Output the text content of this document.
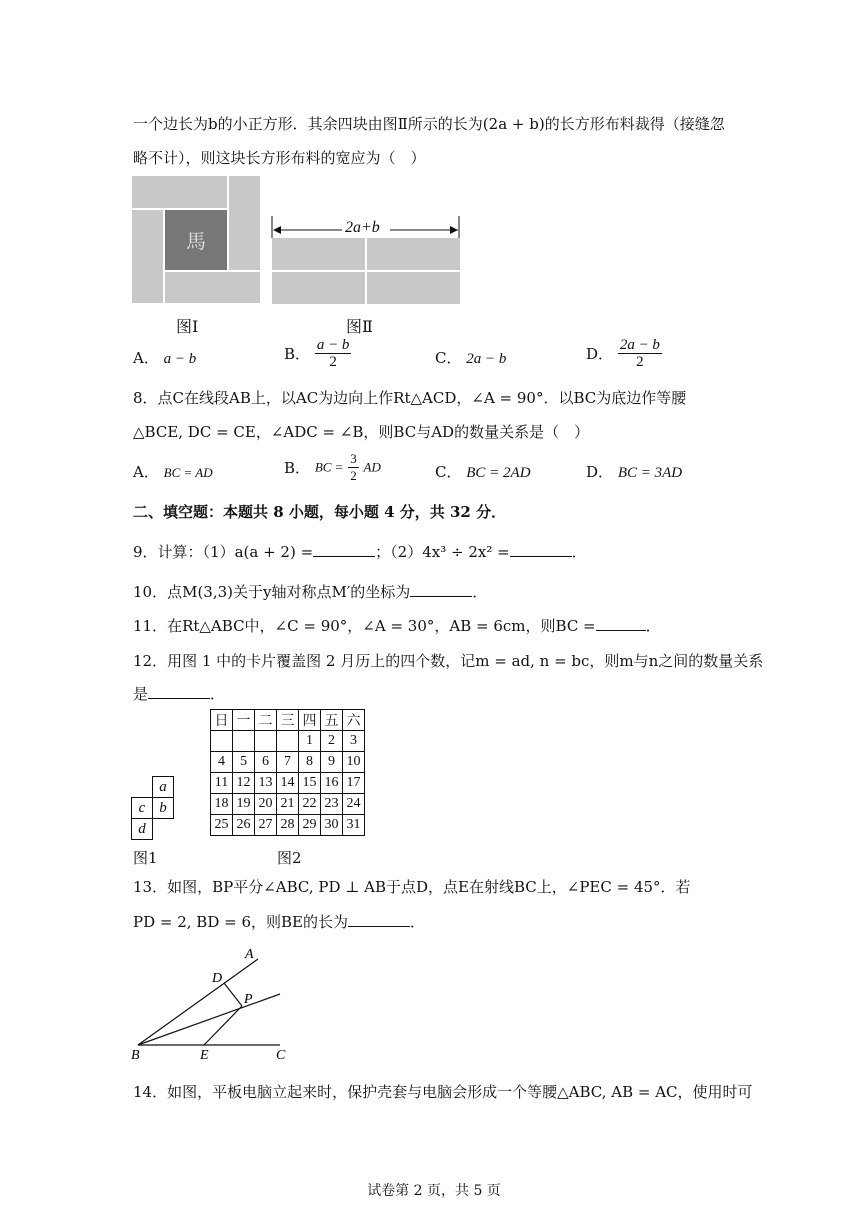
一个边长为b的小正方形．其余四块由图Ⅱ所示的长为(2a + b)的长方形布料裁得（接缝忽
略不计），则这块长方形布料的宽应为（　）
馬
图Ⅰ
2a+b
图Ⅱ
A． a − b	B． $\frac{a - b}{2}$	C． 2a − b	D． $\frac{2a - b}{2}$
8．点C在线段AB上，以AC为边向上作Rt△ACD，∠A = 90°．以BC为底边作等腰
△BCE, DC = CE，∠ADC = ∠B，则BC与AD的数量关系是（　）
A． BC = AD	B． BC = $\frac{3}{2}$ AD	C． BC = 2AD	D． BC = 3AD
二、填空题：本题共 8 小题，每小题 4 分，共 32 分．
9．计算：（1）a(a + 2) =	；（2）4x³ ÷ 2x² =	．
10．点M(3,3)关于y轴对称点M′的坐标为	．
11．在Rt△ABC中，∠C = 90°，∠A = 30°，AB = 6cm，则BC =	．
12．用图 1 中的卡片覆盖图 2 月历上的四个数，记m = ad, n = bc，则m与n之间的数量关系
是	．
	a
c	b
d	
图1
日	一	二	三	四	五	六
				1	2	3
4	5	6	7	8	9	10
11	12	13	14	15	16	17
18	19	20	21	22	23	24
25	26	27	28	29	30	31
图2
13．如图，BP平分∠ABC, PD ⊥ AB于点D，点E在射线BC上，∠PEC = 45°．若
PD = 2, BD = 6，则BE的长为	．
A
D
P
B	E	C
14．如图，平板电脑立起来时，保护壳套与电脑会形成一个等腰△ABC, AB = AC，使用时可
试卷第 2 页，共 5 页
